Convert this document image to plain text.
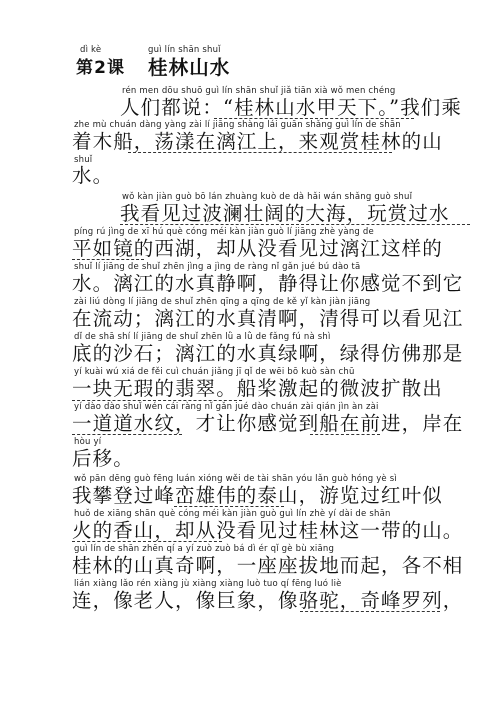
dì kè	guì lín shān shuǐ
第2课 桂林山水
rén men dōu shuō guì lín shān shuǐ jiǎ tiān xià wǒ men chéng
人们都说：“桂林山水甲天下。”我们乘
zhe mù chuán dàng yàng zài lí jiāng shàng lái guān shǎng guì lín de shān
着木船，荡漾在漓江上，来观赏桂林的山
shuǐ
水。
wǒ kàn jiàn guò bō lán zhuàng kuò de dà hǎi wán shǎng guò shuǐ
我看见过波澜壮阔的大海，玩赏过水
píng rú jìng de xī hú què cóng méi kàn jiàn guò lí jiāng zhè yàng de
平如镜的西湖，却从没看见过漓江这样的
shuǐ lí jiāng de shuǐ zhēn jìng a jìng de ràng nǐ gǎn jué bú dào tā
水。漓江的水真静啊，静得让你感觉不到它
zài liú dòng lí jiāng de shuǐ zhēn qīng a qīng de kě yǐ kàn jiàn jiāng
在流动；漓江的水真清啊，清得可以看见江
dǐ de shā shí lí jiāng de shuǐ zhēn lǜ a lǜ de fǎng fú nà shì
底的沙石；漓江的水真绿啊，绿得仿佛那是
yí kuài wú xiá de fěi cuì chuán jiǎng jī qǐ de wēi bō kuò sàn chū
一块无瑕的翡翠。船桨激起的微波扩散出
yí dào dào shuǐ wén cái ràng nǐ gǎn jué dào chuán zài qián jìn àn zài
一道道水纹，才让你感觉到船在前进，岸在
hòu yí
后移。
wǒ pān dēng guò fēng luán xióng wěi de tài shān yóu lǎn guò hóng yè sì
我攀登过峰峦雄伟的泰山，游览过红叶似
huǒ de xiāng shān què cóng méi kàn jiàn guò guì lín zhè yí dài de shān
火的香山，却从没看见过桂林这一带的山。
guì lín de shān zhēn qí a yí zuò zuò bá dì ér qǐ gè bù xiāng
桂林的山真奇啊，一座座拔地而起，各不相
lián xiàng lǎo rén xiàng jù xiàng xiàng luò tuo qí fēng luó liè
连，像老人，像巨象，像骆驼，奇峰罗列，
